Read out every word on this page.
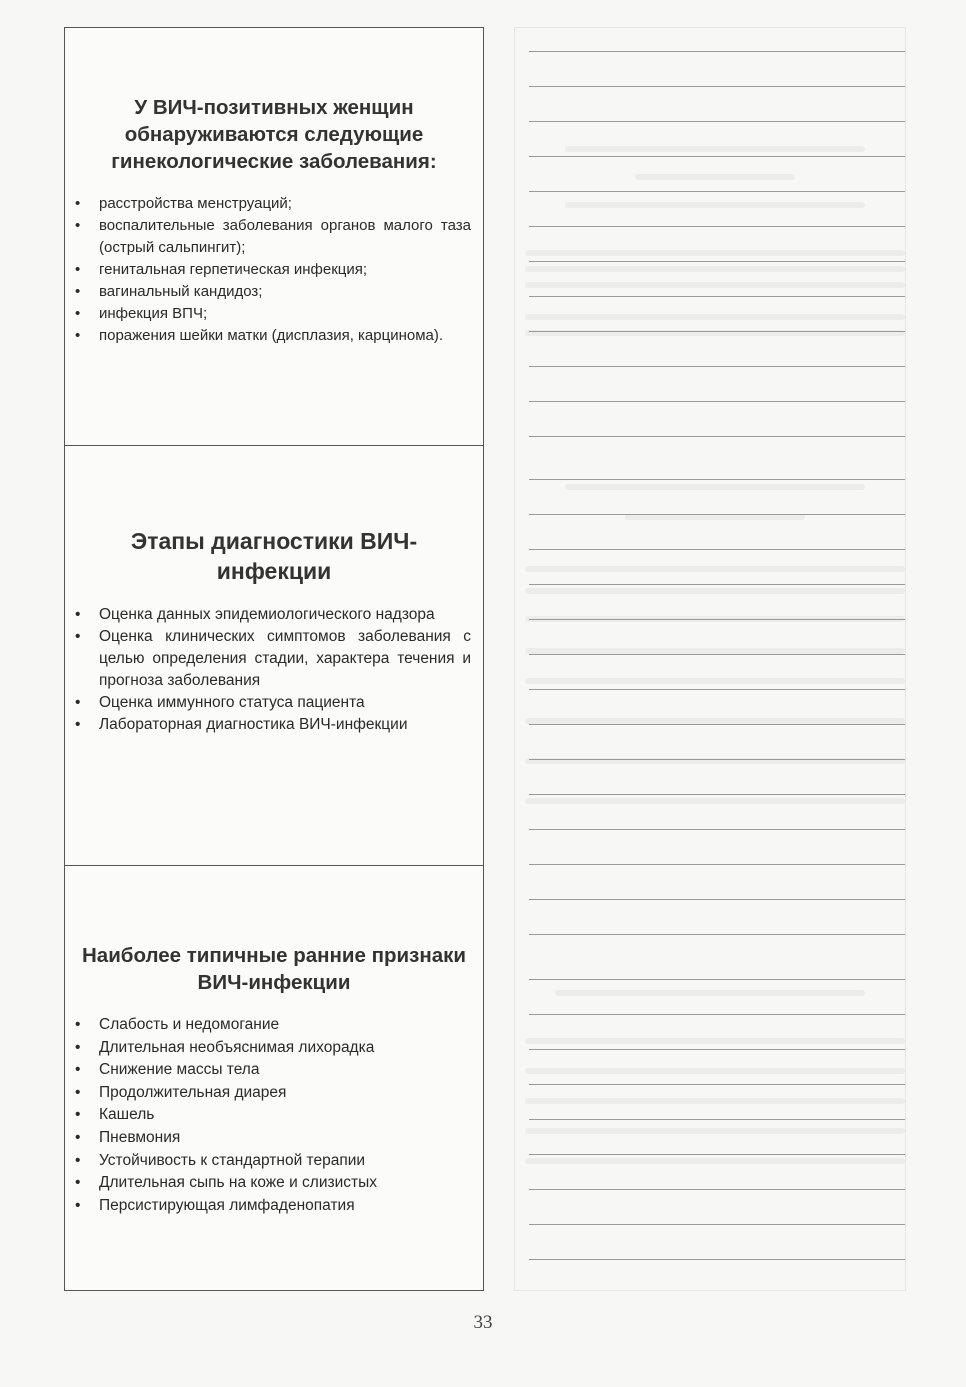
У ВИЧ-позитивных женщин обнаруживаются следующие гинекологические заболевания:
• расстройства менструаций;
• воспалительные заболевания органов малого таза (острый сальпингит);
• генитальная герпетическая инфекция;
• вагинальный кандидоз;
• инфекция ВПЧ;
• поражения шейки матки (дисплазия, карцинома).
Этапы диагностики ВИЧ-инфекции
• Оценка данных эпидемиологического надзора
• Оценка клинических симптомов заболевания с целью определения стадии, характера течения и прогноза заболевания
• Оценка иммунного статуса пациента
• Лабораторная диагностика ВИЧ-инфекции
Наиболее типичные ранние признаки ВИЧ-инфекции
• Слабость и недомогание
• Длительная необъяснимая лихорадка
• Снижение массы тела
• Продолжительная диарея
• Кашель
• Пневмония
• Устойчивость к стандартной терапии
• Длительная сыпь на коже и слизистых
• Персистирующая лимфаденопатия
33
